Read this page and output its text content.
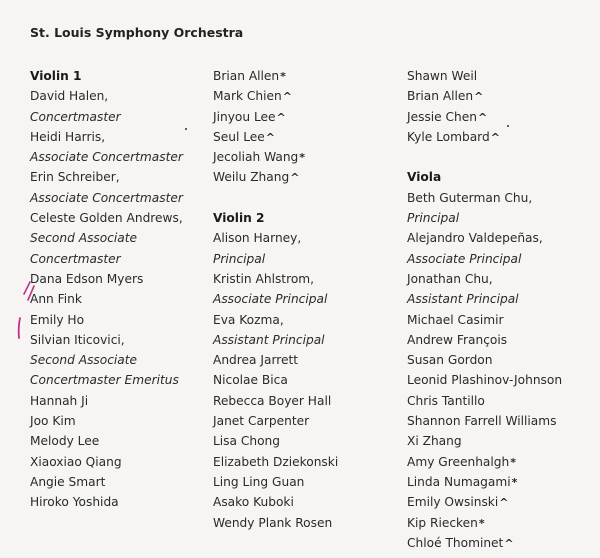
St. Louis Symphony Orchestra
Violin 1
David Halen,
Concertmaster
Heidi Harris,
Associate Concertmaster
Erin Schreiber,
Associate Concertmaster
Celeste Golden Andrews,
Second Associate
Concertmaster
Dana Edson Myers
Ann Fink
Emily Ho
Silvian Iticovici,
Second Associate
Concertmaster Emeritus
Hannah Ji
Joo Kim
Melody Lee
Xiaoxiao Qiang
Angie Smart
Hiroko Yoshida
Brian Allen*
Mark Chien^
Jinyou Lee^
Seul Lee^
Jecoliah Wang*
Weilu Zhang^
Violin 2
Alison Harney,
Principal
Kristin Ahlstrom,
Associate Principal
Eva Kozma,
Assistant Principal
Andrea Jarrett
Nicolae Bica
Rebecca Boyer Hall
Janet Carpenter
Lisa Chong
Elizabeth Dziekonski
Ling Ling Guan
Asako Kuboki
Wendy Plank Rosen
Shawn Weil
Brian Allen^
Jessie Chen^
Kyle Lombard^
Viola
Beth Guterman Chu,
Principal
Alejandro Valdepeñas,
Associate Principal
Jonathan Chu,
Assistant Principal
Michael Casimir
Andrew François
Susan Gordon
Leonid Plashinov-Johnson
Chris Tantillo
Shannon Farrell Williams
Xi Zhang
Amy Greenhalgh*
Linda Numagami*
Emily Owsinski^
Kip Riecken*
Chloé Thominet^
